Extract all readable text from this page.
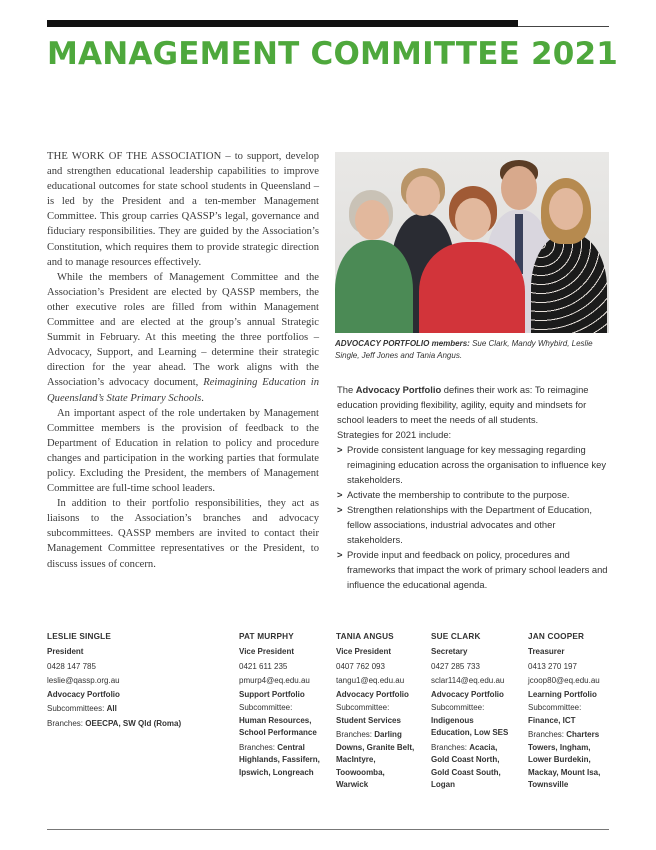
MANAGEMENT COMMITTEE 2021

THE WORK OF THE ASSOCIATION – to support, develop and strengthen educational leadership capabilities to improve educational outcomes for state school students in Queensland – is led by the President and a ten-member Management Committee. This group carries QASSP’s legal, governance and fiduciary responsibilities. They are guided by the Association’s Constitution, which requires them to provide strategic direction and to manage resources effectively.

While the members of Management Committee and the Association’s President are elected by QASSP members, the other executive roles are filled from within Management Committee and are elected at the group’s annual Strategic Summit in February. At this meeting the three portfolios – Advocacy, Support, and Learning – determine their strategic direction for the year ahead. The work aligns with the Association’s advocacy document, Reimagining Education in Queensland’s State Primary Schools.

An important aspect of the role undertaken by Management Committee members is the provision of feedback to the Department of Education in relation to policy and procedure changes and participation in the working parties that formulate policy. Excluding the President, the members of Management Committee are full-time school leaders.

In addition to their portfolio responsibilities, they act as liaisons to the Association’s branches and advocacy subcommittees. QASSP members are invited to contact their Management Committee representatives or the President, to discuss issues of concern.

ADVOCACY PORTFOLIO members: Sue Clark, Mandy Whybird, Leslie Single, Jeff Jones and Tania Angus.

The Advocacy Portfolio defines their work as: To reimagine education providing flexibility, agility, equity and mindsets for school leaders to meet the needs of all students.

Strategies for 2021 include:

> Provide consistent language for key messaging regarding reimagining education across the organisation to influence key stakeholders.
> Activate the membership to contribute to the purpose.
> Strengthen relationships with the Department of Education, fellow associations, industrial advocates and other stakeholders.
> Provide input and feedback on policy, procedures and frameworks that impact the work of primary school leaders and influence the educational agenda.
LESLIE SINGLE
President
0428 147 785
leslie@qassp.org.au
Advocacy Portfolio
Subcommittees: All
Branches: OEECPA, SW Qld (Roma)
PAT MURPHY
Vice President
0421 611 235
pmurp4@eq.edu.au
Support Portfolio
Subcommittee:
Human Resources, School Performance
Branches: Central Highlands, Fassifern, Ipswich, Longreach
TANIA ANGUS
Vice President
0407 762 093
tangu1@eq.edu.au
Advocacy Portfolio
Subcommittee:
Student Services
Branches: Darling Downs, Granite Belt, MacIntyre, Toowoomba, Warwick
SUE CLARK
Secretary
0427 285 733
sclar114@eq.edu.au
Advocacy Portfolio
Subcommittee:
Indigenous Education, Low SES
Branches: Acacia, Gold Coast North, Gold Coast South, Logan
JAN COOPER
Treasurer
0413 270 197
jcoop80@eq.edu.au
Learning Portfolio
Subcommittee:
Finance, ICT
Branches: Charters Towers, Ingham, Lower Burdekin, Mackay, Mount Isa, Townsville
